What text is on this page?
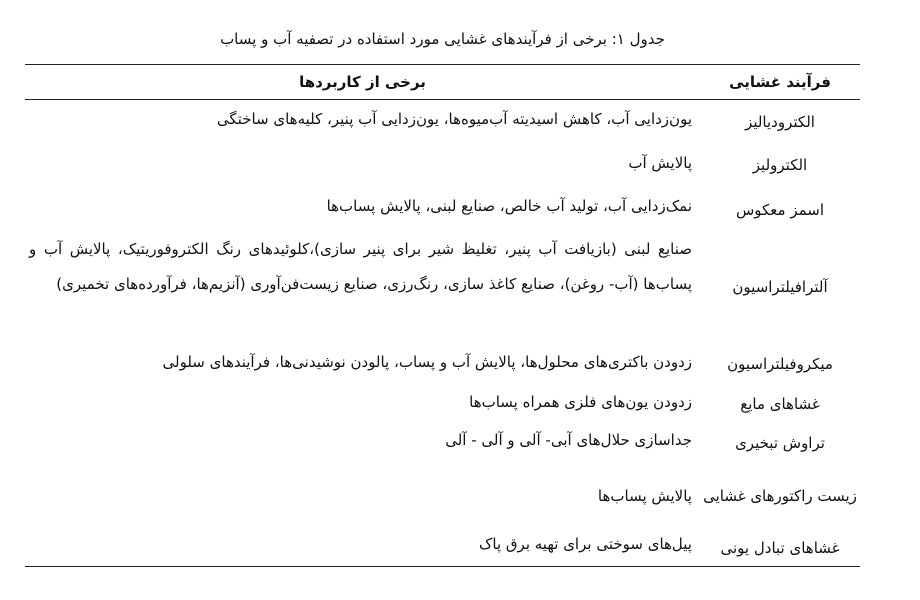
جدول ۱: برخی از فرآیندهای غشایی مورد استفاده در تصفیه آب و پساب
فرآیند غشایی
برخی از کاربردها
الکترودیالیز
یون‌زدایی آب، کاهش اسیدیته آب‌میوه‌ها، یون‌زدایی آب پنیر، کلیه‌های ساختگی
الکترولیز
پالایش آب
اسمز معکوس
نمک‌زدایی آب، تولید آب خالص، صنایع لبنی، پالایش پساب‌ها
آلترافیلتراسیون
صنایع لبنی (بازیافت آب پنیر، تغلیظ شیر برای پنیر سازی)،کلوئیدهای رنگ الکتروفوریتیک، پالایش آب و پساب‌ها (آب- روغن)، صنایع کاغذ سازی، رنگ‌رزی، صنایع زیست‌فن‌آوری (آنزیم‌ها، فرآورده‌های تخمیری)
میکروفیلتراسیون
زدودن باکتری‌های محلول‌ها، پالایش آب و پساب، پالودن نوشیدنی‌ها، فرآیندهای سلولی
غشاهای مایع
زدودن یون‌های فلزی همراه پساب‌ها
تراوش تبخیری
جداسازی حلال‌های آبی- آلی و آلی - آلی
زیست راکتورهای غشایی
پالایش پساب‌ها
غشاهای تبادل یونی
پیل‌های سوختی برای تهیه برق پاک
